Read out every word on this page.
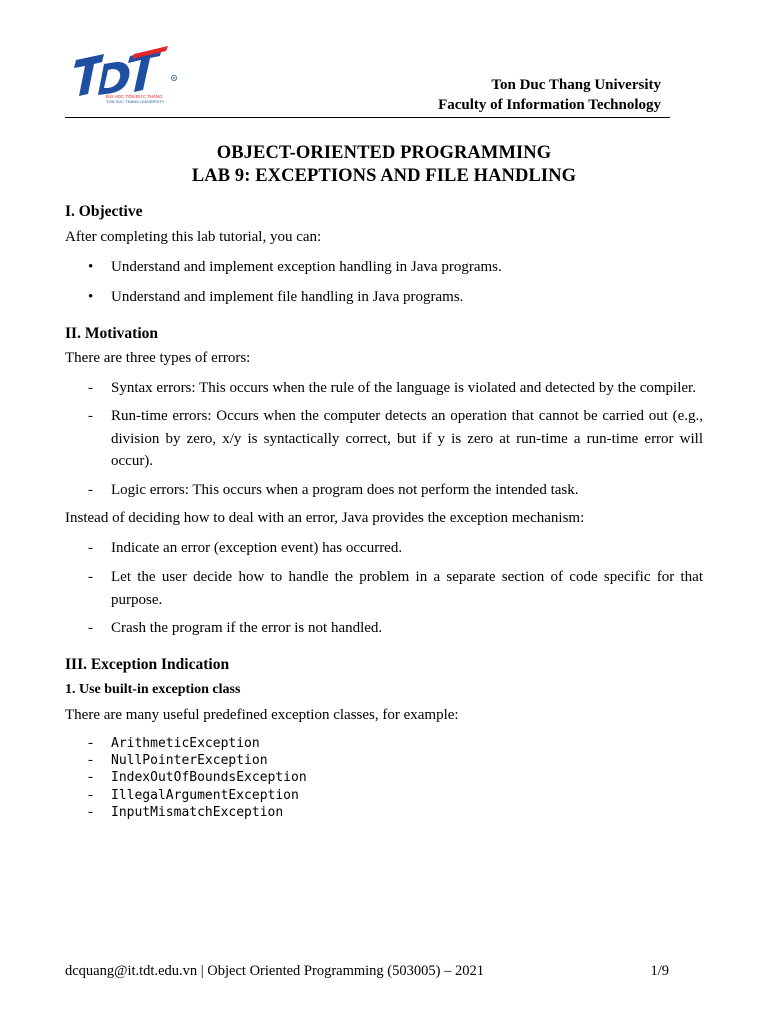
R
ĐẠI HỌC TÔN ĐỨC THẮNG
TON DUC THANG UNIVERSITY
Ton Duc Thang University
Faculty of Information Technology
OBJECT-ORIENTED PROGRAMMING
LAB 9: EXCEPTIONS AND FILE HANDLING
I. Objective
After completing this lab tutorial, you can:
• Understand and implement exception handling in Java programs.
• Understand and implement file handling in Java programs.
II. Motivation
There are three types of errors:
- Syntax errors: This occurs when the rule of the language is violated and detected by the compiler.
- Run-time errors: Occurs when the computer detects an operation that cannot be carried out (e.g., division by zero, x/y is syntactically correct, but if y is zero at run-time a run-time error will occur).
- Logic errors: This occurs when a program does not perform the intended task.
Instead of deciding how to deal with an error, Java provides the exception mechanism:
- Indicate an error (exception event) has occurred.
- Let the user decide how to handle the problem in a separate section of code specific for that purpose.
- Crash the program if the error is not handled.
III. Exception Indication
1. Use built-in exception class
There are many useful predefined exception classes, for example:
- ArithmeticException
- NullPointerException
- IndexOutOfBoundsException
- IllegalArgumentException
- InputMismatchException
dcquang@it.tdt.edu.vn | Object Oriented Programming (503005) – 2021	1/9
